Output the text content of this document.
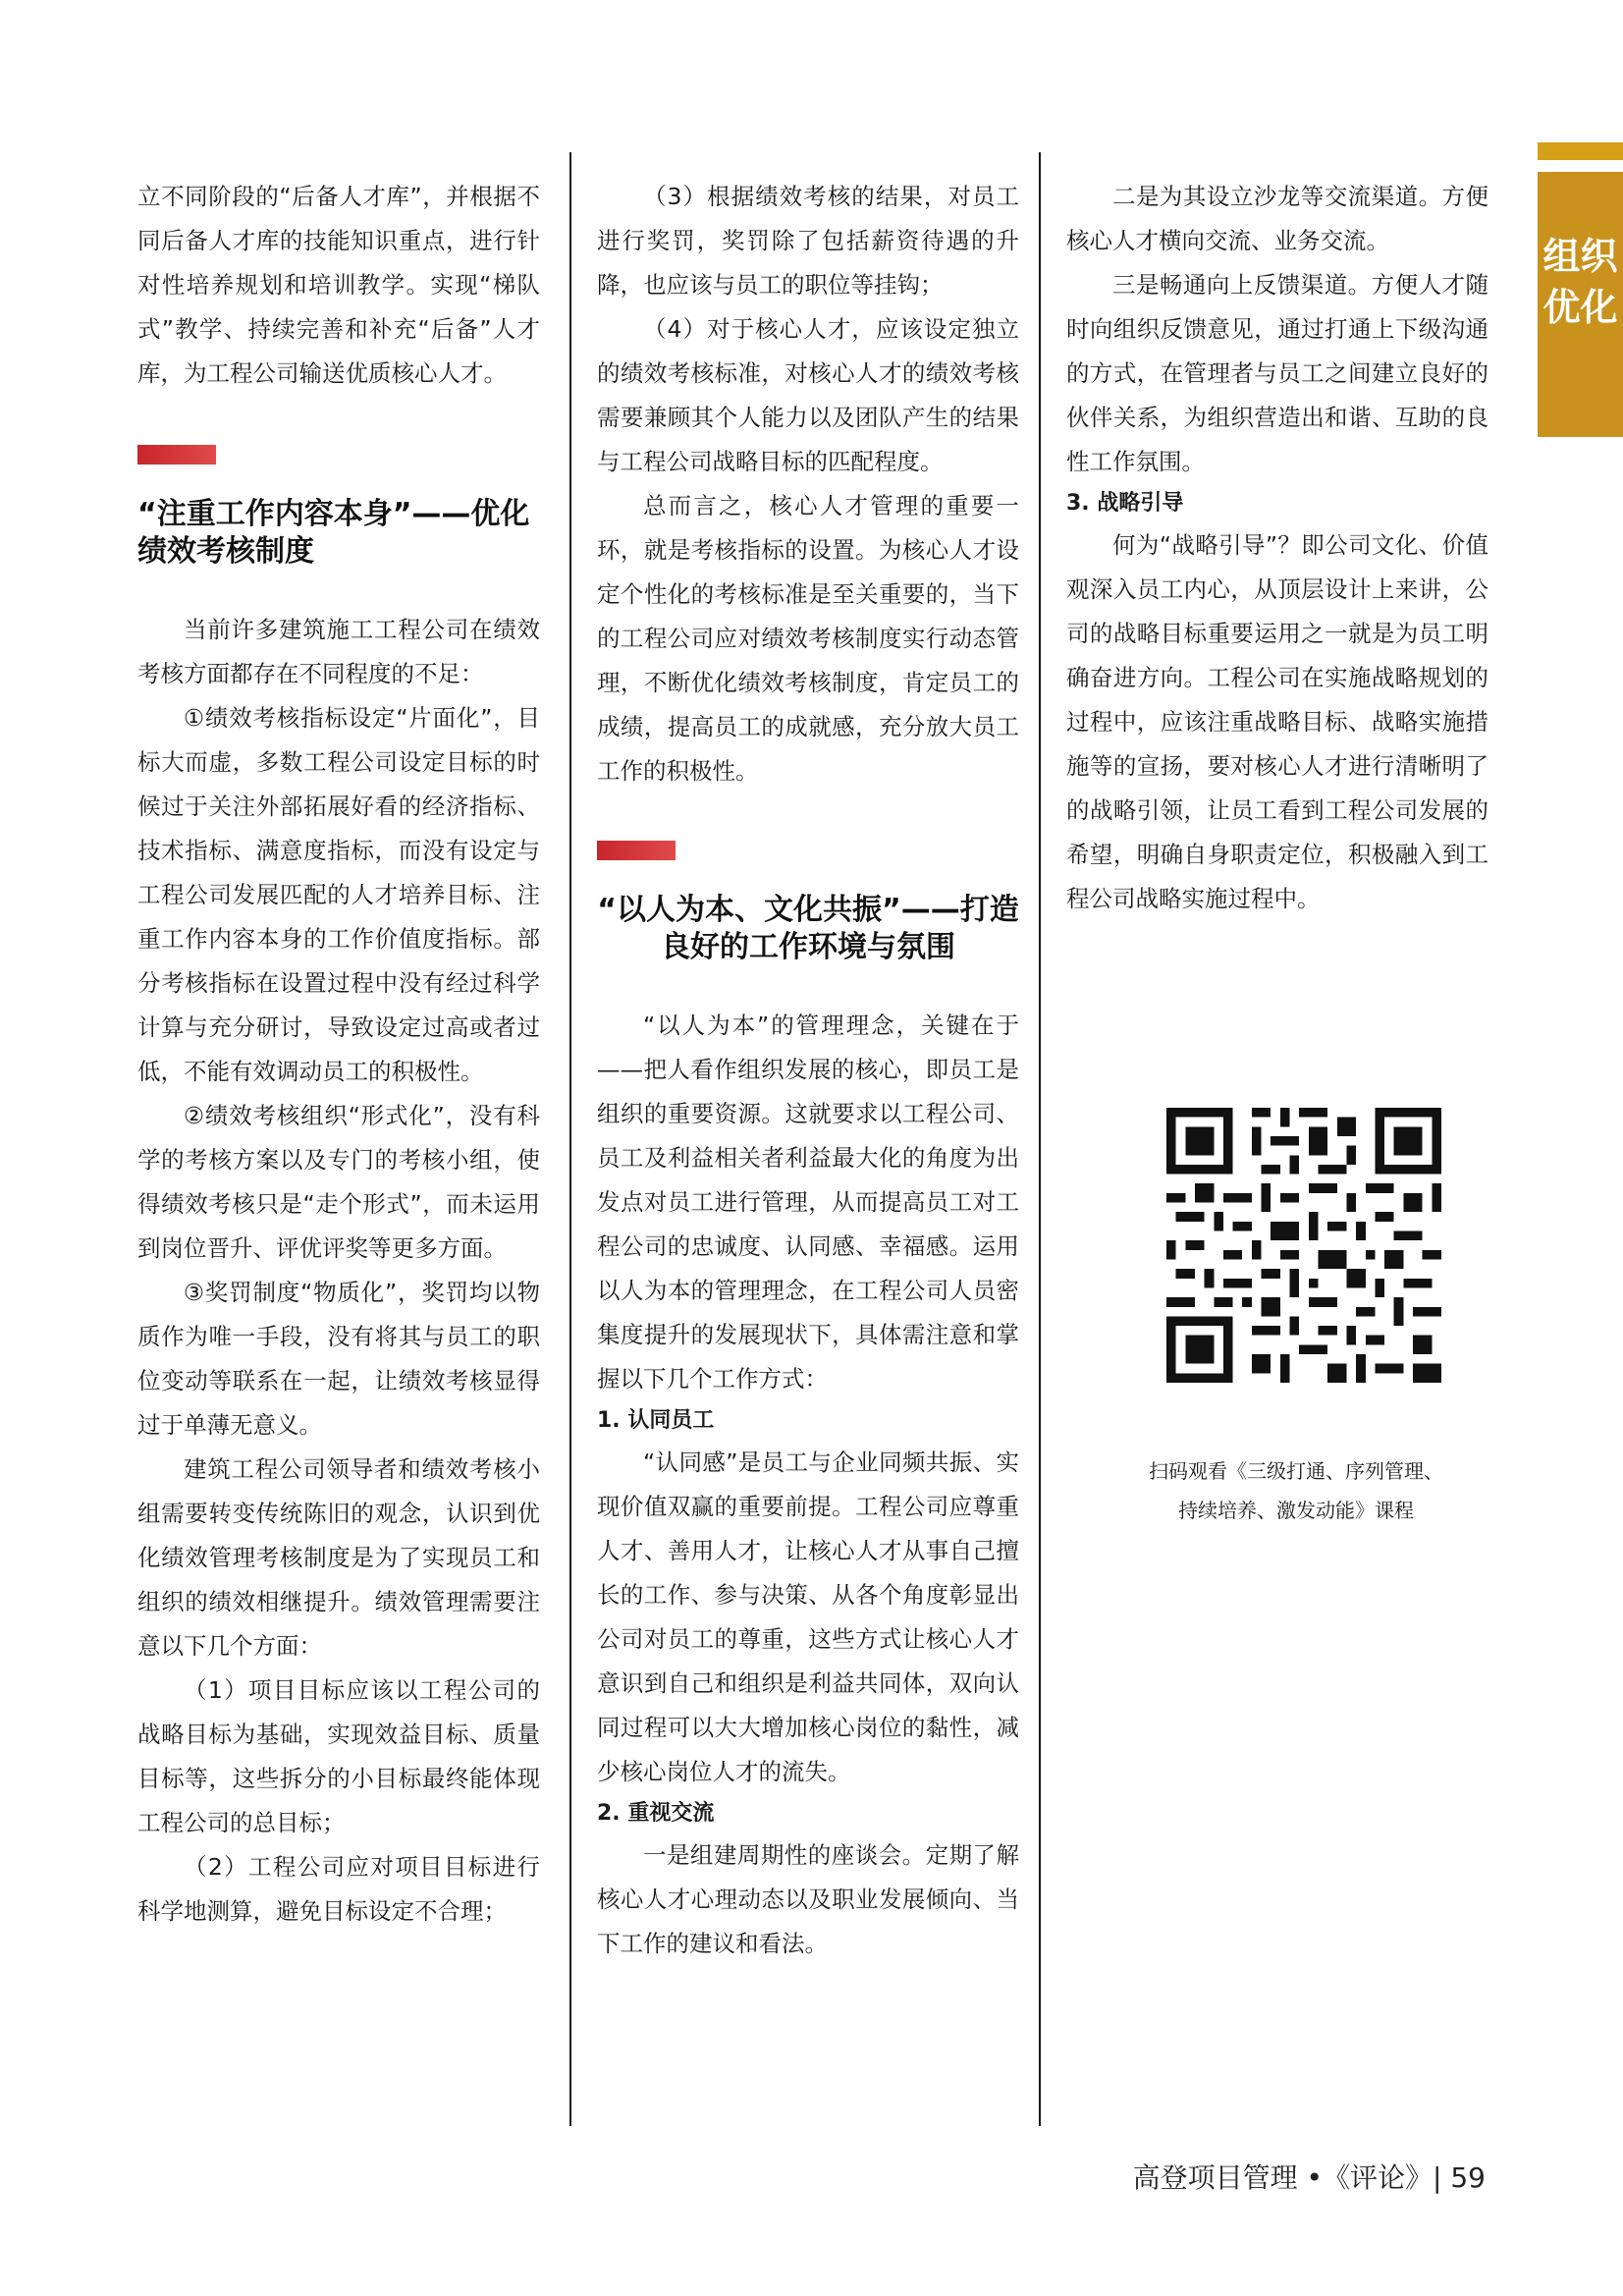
组织
优化

立不同阶段的“后备人才库”，并根据不同后备人才库的技能知识重点，进行针对性培养规划和培训教学。实现“梯队式”教学、持续完善和补充“后备”人才库，为工程公司输送优质核心人才。

“注重工作内容本身”——优化绩效考核制度

当前许多建筑施工工程公司在绩效考核方面都存在不同程度的不足：

①绩效考核指标设定“片面化”，目标大而虚，多数工程公司设定目标的时候过于关注外部拓展好看的经济指标、技术指标、满意度指标，而没有设定与工程公司发展匹配的人才培养目标、注重工作内容本身的工作价值度指标。部分考核指标在设置过程中没有经过科学计算与充分研讨，导致设定过高或者过低，不能有效调动员工的积极性。

②绩效考核组织“形式化”，没有科学的考核方案以及专门的考核小组，使得绩效考核只是“走个形式”，而未运用到岗位晋升、评优评奖等更多方面。

③奖罚制度“物质化”，奖罚均以物质作为唯一手段，没有将其与员工的职位变动等联系在一起，让绩效考核显得过于单薄无意义。

建筑工程公司领导者和绩效考核小组需要转变传统陈旧的观念，认识到优化绩效管理考核制度是为了实现员工和组织的绩效相继提升。绩效管理需要注意以下几个方面：

（1）项目目标应该以工程公司的战略目标为基础，实现效益目标、质量目标等，这些拆分的小目标最终能体现工程公司的总目标；

（2）工程公司应对项目目标进行科学地测算，避免目标设定不合理；

（3）根据绩效考核的结果，对员工进行奖罚，奖罚除了包括薪资待遇的升降，也应该与员工的职位等挂钩；

（4）对于核心人才，应该设定独立的绩效考核标准，对核心人才的绩效考核需要兼顾其个人能力以及团队产生的结果与工程公司战略目标的匹配程度。

总而言之，核心人才管理的重要一环，就是考核指标的设置。为核心人才设定个性化的考核标准是至关重要的，当下的工程公司应对绩效考核制度实行动态管理，不断优化绩效考核制度，肯定员工的成绩，提高员工的成就感，充分放大员工工作的积极性。

“以人为本、文化共振”——打造良好的工作环境与氛围

“以人为本”的管理理念，关键在于——把人看作组织发展的核心，即员工是组织的重要资源。这就要求以工程公司、员工及利益相关者利益最大化的角度为出发点对员工进行管理，从而提高员工对工程公司的忠诚度、认同感、幸福感。运用以人为本的管理理念，在工程公司人员密集度提升的发展现状下，具体需注意和掌握以下几个工作方式：

1. 认同员工

“认同感”是员工与企业同频共振、实现价值双赢的重要前提。工程公司应尊重人才、善用人才，让核心人才从事自己擅长的工作、参与决策、从各个角度彰显出公司对员工的尊重，这些方式让核心人才意识到自己和组织是利益共同体，双向认同过程可以大大增加核心岗位的黏性，减少核心岗位人才的流失。

2. 重视交流

一是组建周期性的座谈会。定期了解核心人才心理动态以及职业发展倾向、当下工作的建议和看法。

二是为其设立沙龙等交流渠道。方便核心人才横向交流、业务交流。

三是畅通向上反馈渠道。方便人才随时向组织反馈意见，通过打通上下级沟通的方式，在管理者与员工之间建立良好的伙伴关系，为组织营造出和谐、互助的良性工作氛围。

3. 战略引导

何为“战略引导”？即公司文化、价值观深入员工内心，从顶层设计上来讲，公司的战略目标重要运用之一就是为员工明确奋进方向。工程公司在实施战略规划的过程中，应该注重战略目标、战略实施措施等的宣扬，要对核心人才进行清晰明了的战略引领，让员工看到工程公司发展的希望，明确自身职责定位，积极融入到工程公司战略实施过程中。

扫码观看《三级打通、序列管理、
持续培养、激发动能》课程
高登项目管理 •《评论》| 59
